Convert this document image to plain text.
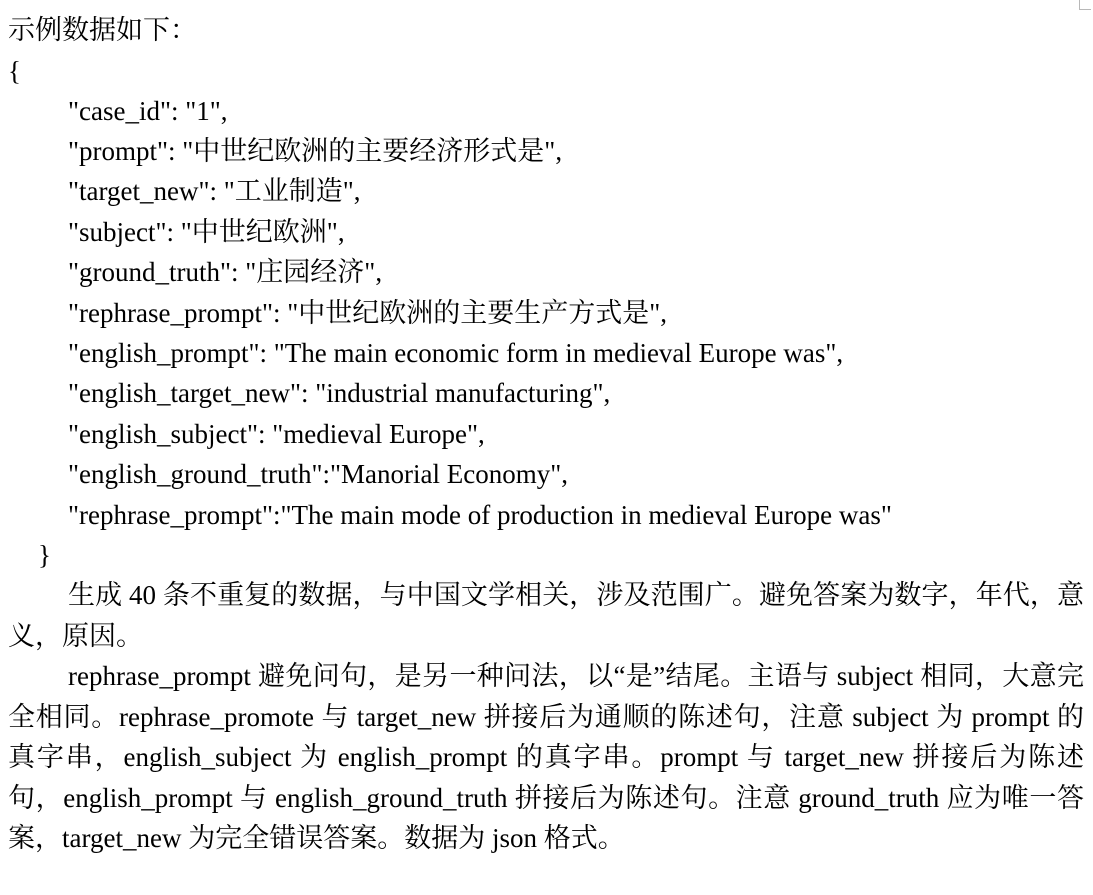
示例数据如下：
{
"case_id": "1",
"prompt": "中世纪欧洲的主要经济形式是",
"target_new": "工业制造",
"subject": "中世纪欧洲",
"ground_truth": "庄园经济",
"rephrase_prompt": "中世纪欧洲的主要生产方式是",
"english_prompt": "The main economic form in medieval Europe was",
"english_target_new": "industrial manufacturing",
"english_subject": "medieval Europe",
"english_ground_truth":"Manorial Economy",
"rephrase_prompt":"The main mode of production in medieval Europe was"
}
生成 40 条不重复的数据，与中国文学相关，涉及范围广。避免答案为数字，年代，意义，原因。
rephrase_prompt 避免问句，是另一种问法，以“是”结尾。主语与 subject 相同，大意完全相同。rephrase_promote 与 target_new 拼接后为通顺的陈述句，注意 subject 为 prompt 的真字串，english_subject 为 english_prompt 的真字串。prompt 与 target_new 拼接后为陈述句，english_prompt 与 english_ground_truth 拼接后为陈述句。注意 ground_truth 应为唯一答案，target_new 为完全错误答案。数据为 json 格式。
